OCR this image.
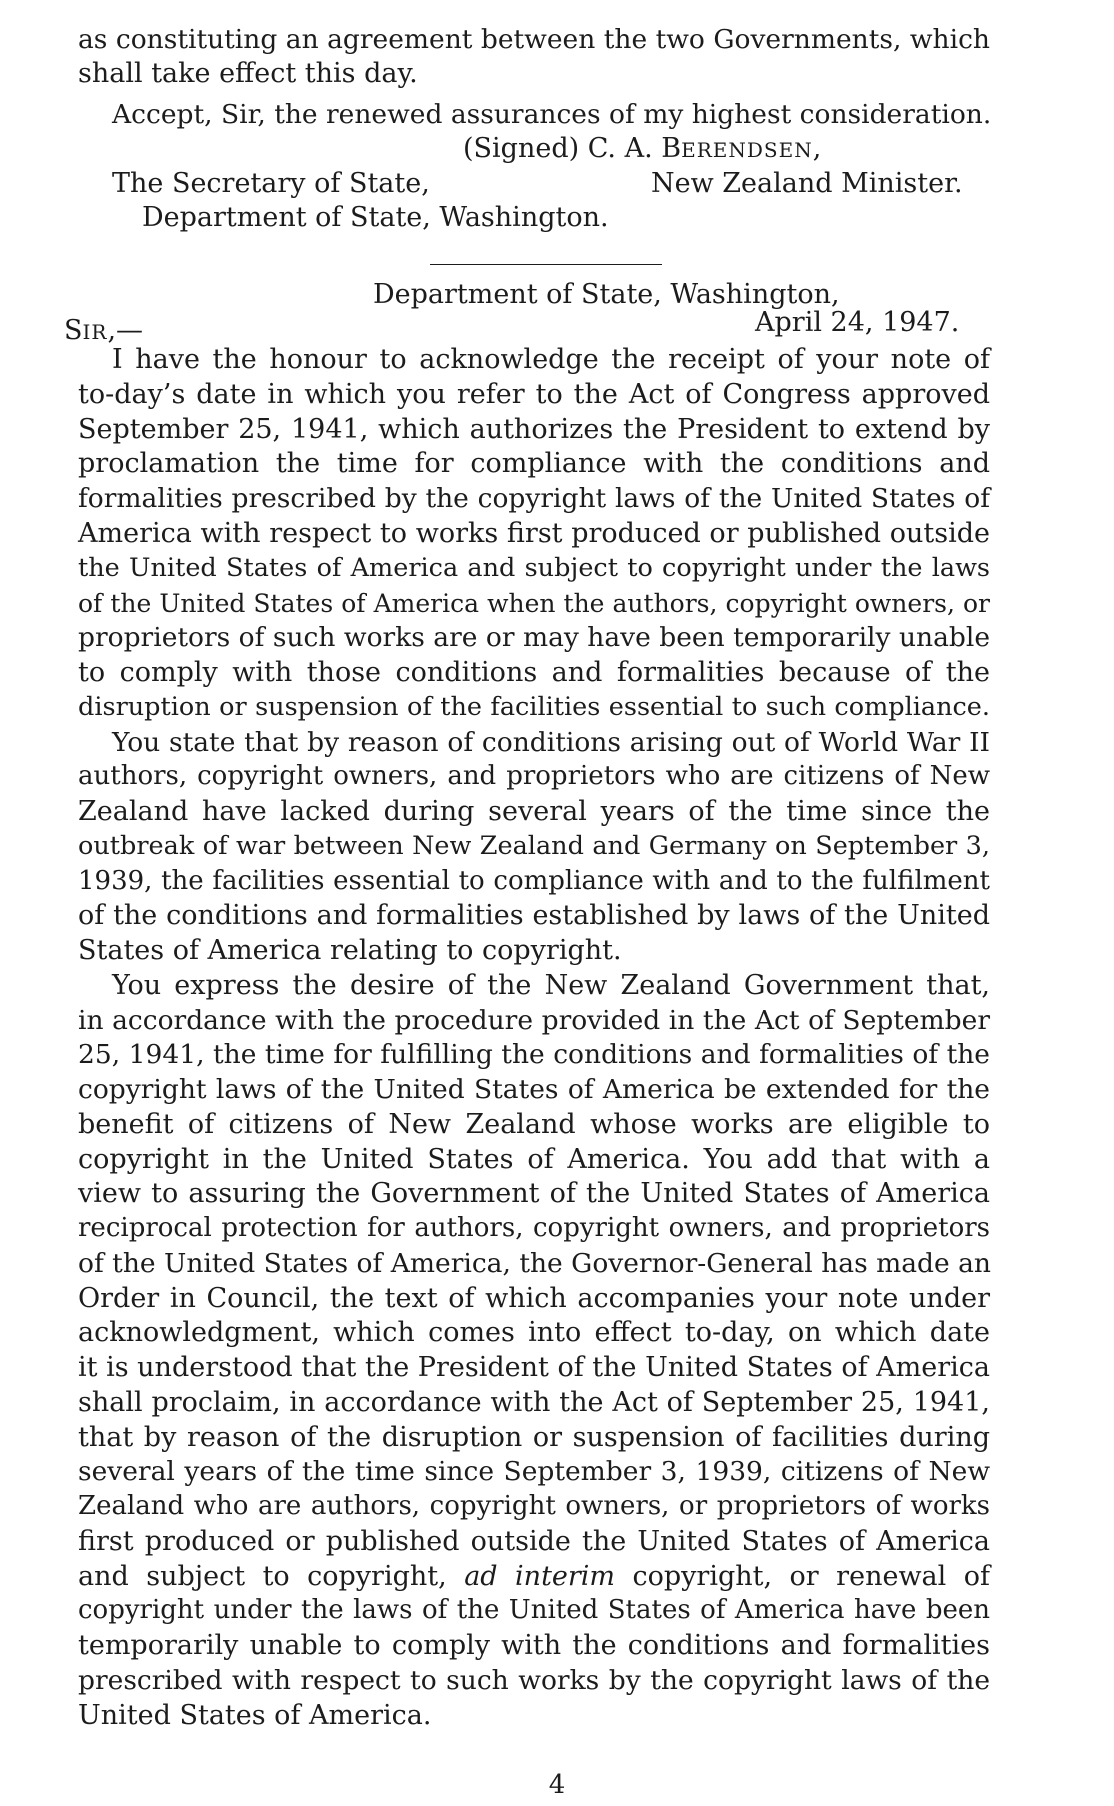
as constituting an agreement between the two Governments, which
shall take effect this day.
Accept, Sir, the renewed assurances of my highest consideration.
(Signed) C. A. BERENDSEN,
The Secretary of State,	New Zealand Minister.
Department of State, Washington.
Department of State, Washington,
SIR,—	April 24, 1947.
I have the honour to acknowledge the receipt of your note of
to-day’s date in which you refer to the Act of Congress approved
September 25, 1941, which authorizes the President to extend by
proclamation the time for compliance with the conditions and
formalities prescribed by the copyright laws of the United States of
America with respect to works first produced or published outside
the United States of America and subject to copyright under the laws
of the United States of America when the authors, copyright owners, or
proprietors of such works are or may have been temporarily unable
to comply with those conditions and formalities because of the
disruption or suspension of the facilities essential to such compliance.
You state that by reason of conditions arising out of World War II
authors, copyright owners, and proprietors who are citizens of New
Zealand have lacked during several years of the time since the
outbreak of war between New Zealand and Germany on September 3,
1939, the facilities essential to compliance with and to the fulfilment
of the conditions and formalities established by laws of the United
States of America relating to copyright.
You express the desire of the New Zealand Government that,
in accordance with the procedure provided in the Act of September
25, 1941, the time for fulfilling the conditions and formalities of the
copyright laws of the United States of America be extended for the
benefit of citizens of New Zealand whose works are eligible to
copyright in the United States of America. You add that with a
view to assuring the Government of the United States of America
reciprocal protection for authors, copyright owners, and proprietors
of the United States of America, the Governor-General has made an
Order in Council, the text of which accompanies your note under
acknowledgment, which comes into effect to-day, on which date
it is understood that the President of the United States of America
shall proclaim, in accordance with the Act of September 25, 1941,
that by reason of the disruption or suspension of facilities during
several years of the time since September 3, 1939, citizens of New
Zealand who are authors, copyright owners, or proprietors of works
first produced or published outside the United States of America
and subject to copyright, ad interim copyright, or renewal of
copyright under the laws of the United States of America have been
temporarily unable to comply with the conditions and formalities
prescribed with respect to such works by the copyright laws of the
United States of America.
4
